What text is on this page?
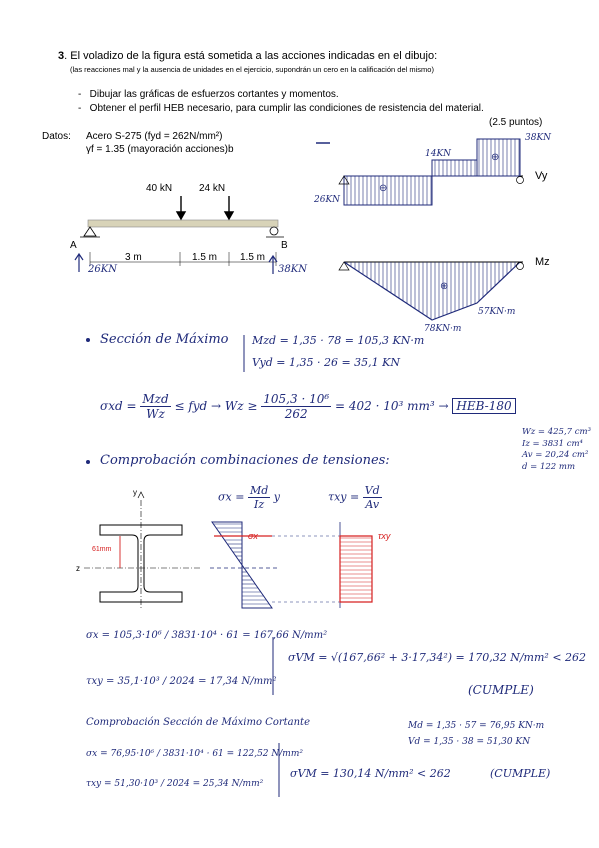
3. El voladizo de la figura está sometida a las acciones indicadas en el dibujo:
(las reacciones mal y la ausencia de unidades en el ejercicio, supondrán un cero en la calificación del mismo)
-   Dibujar las gráficas de esfuerzos cortantes y momentos.
-   Obtener el perfil HEB necesario, para cumplir las condiciones de resistencia del material.
(2.5 puntos)
Datos: Acero S-275 (fyd = 262N/mm²)
γf = 1.35 (mayoración acciones)b
40 kN	24 kN
A	B
3 m	1.5 m 1.5 m
26KN	38KN
26KN
14KN
38KN
Vy
⊖
⊕
Mz
78KN·m
57KN·m
⊕
Sección de Máximo Mzd = 1,35 · 78 = 105,3 KN·m
Vyd = 1,35 · 26 = 35,1 KN
$\sigma xd = \frac{\text{Mzd}}{Wz}$ ≤ fyd → $Wz \ge \frac{\text{105,3 · 10⁶}}{262} = 402 \cdot 10^3$ mm³ → HEB-180
Wz = 425,7 cm³
Iz = 3831 cm⁴
Av = 20,24 cm²
d = 122 mm
Comprobación combinaciones de tensiones:
$\sigma x = \frac{Md}{Iz}$ y	$\tau xy = \frac{Vd}{Av}$
y
z
61mm
σx	τxy
σx = 105,3·10⁶ / 3831·10⁴ · 61 = 167,66 N/mm²
τxy = 35,1·10³ / 2024 = 17,34 N/mm²
σVM = √(167,66² + 3·17,34²) = 170,32 N/mm² < 262
(CUMPLE)
Comprobación Sección de Máximo Cortante	Md = 1,35 · 57 = 76,95 KN·m
Vd = 1,35 · 38 = 51,30 KN
σx = 76,95·10⁶ / 3831·10⁴ · 61 = 122,52 N/mm²
τxy = 51,30·10³ / 2024 = 25,34 N/mm²
σVM = 130,14 N/mm² < 262	(CUMPLE)
